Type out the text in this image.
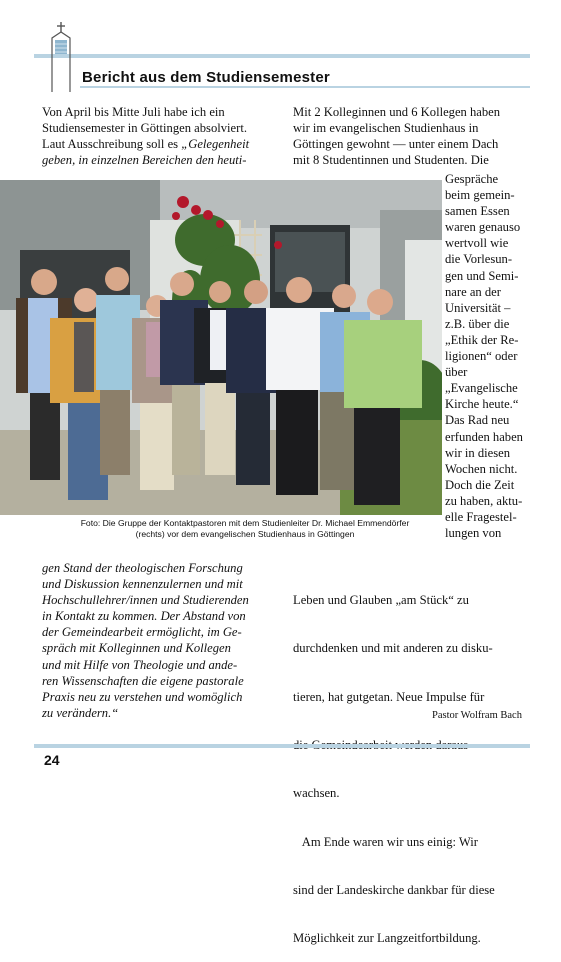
Bericht aus dem Studiensemester

Von April bis Mitte Juli habe ich ein

Studiensemester in Göttingen absolviert.

Laut Ausschreibung soll es „Gelegenheit

geben, in einzelnen Bereichen den heuti-

Mit 2 Kolleginnen und 6 Kollegen haben

wir im evangelischen Studienhaus in

Göttingen gewohnt — unter einem Dach

mit 8 Studentinnen und Studenten. Die

Foto: Die Gruppe der Kontaktpastoren mit dem Studienleiter Dr. Michael Emmendörfer
(rechts) vor dem evangelischen Studienhaus in Göttingen
Gespräche
beim gemein-
samen Essen
waren genauso
wertvoll wie
die Vorlesun-
gen und Semi-
nare an der
Universität –
z.B. über die
„Ethik der Re-
ligionen“ oder
über
„Evangelische
Kirche heute.“
Das Rad neu
erfunden haben
wir in diesen
Wochen nicht.
Doch die Zeit
zu haben, aktu-
elle Fragestel-
lungen von

gen Stand der theologischen Forschung

und Diskussion kennenzulernen und mit

Hochschullehrer/innen und Studierenden

in Kontakt zu kommen. Der Abstand von

der Gemeindearbeit ermöglicht, im Ge-

spräch mit Kolleginnen und Kollegen

und mit Hilfe von Theologie und ande-

ren Wissenschaften die eigene pastorale

Praxis neu zu verstehen und womöglich

zu verändern.“

Leben und Glauben „am Stück“ zu

durchdenken und mit anderen zu disku-

tieren, hat gutgetan. Neue Impulse für

wachsen.

Am Ende waren wir uns einig: Wir

sind der Landeskirche dankbar für diese

Möglichkeit zur Langzeitfortbildung.

Pastor Wolfram Bach
24
